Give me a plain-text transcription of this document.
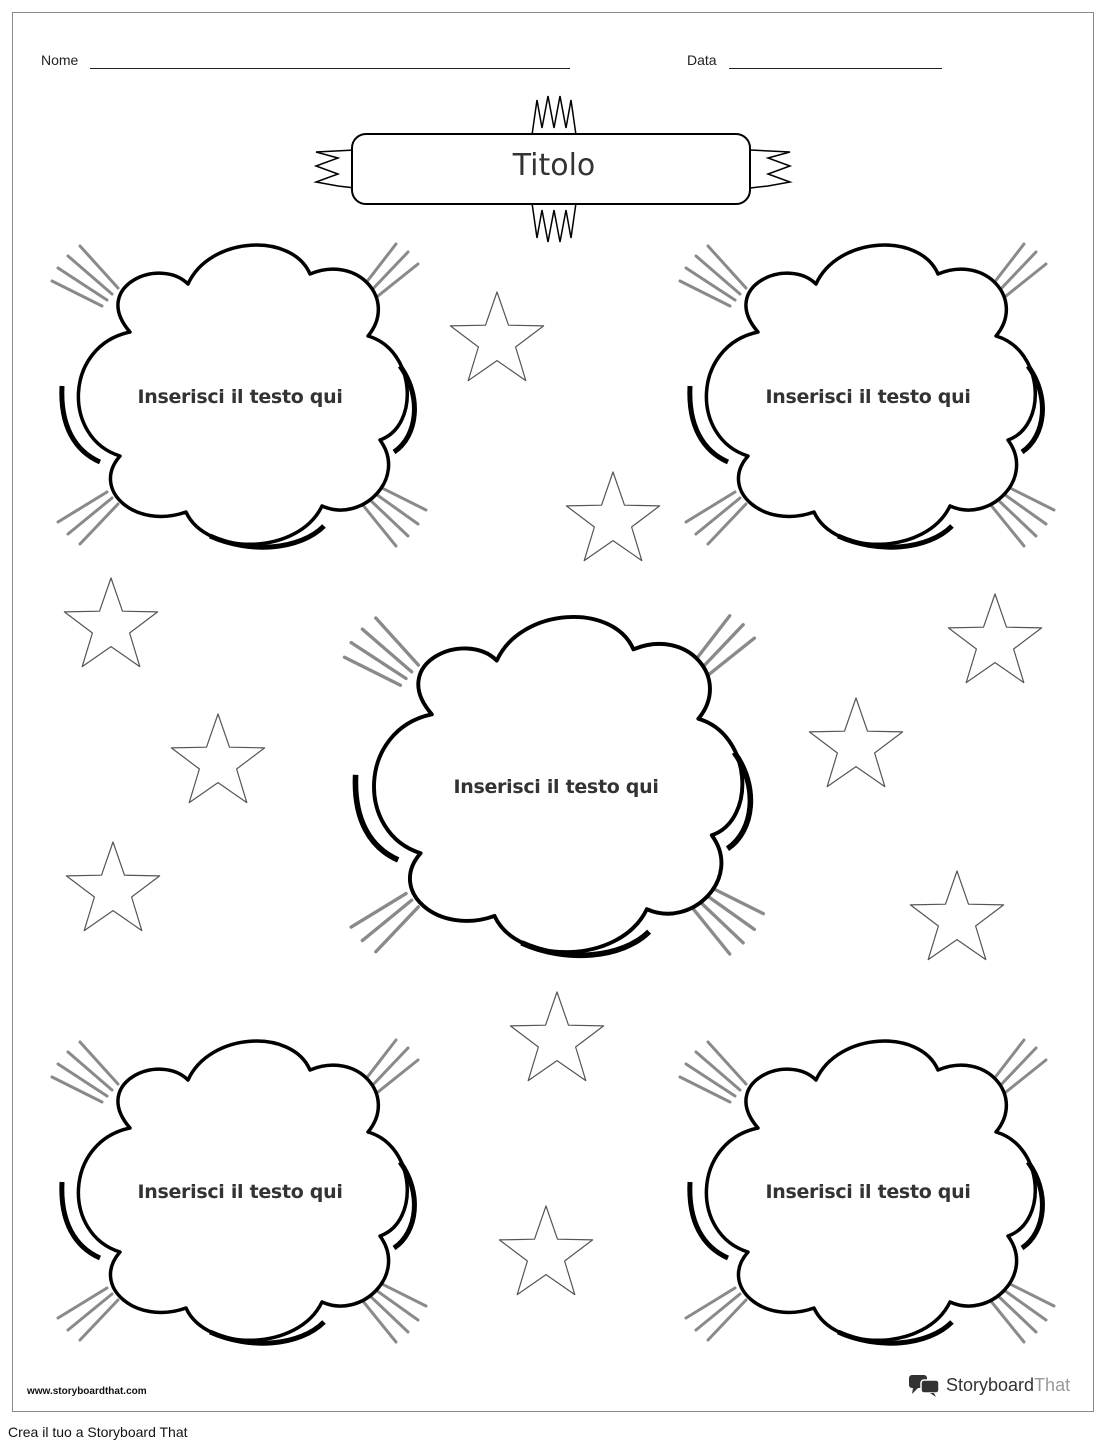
Nome	Data
Titolo
Inserisci il testo qui	Inserisci il testo qui
Inserisci il testo qui
Inserisci il testo qui	Inserisci il testo qui
www.storyboardthat.com	StoryboardThat
Crea il tuo a Storyboard That
